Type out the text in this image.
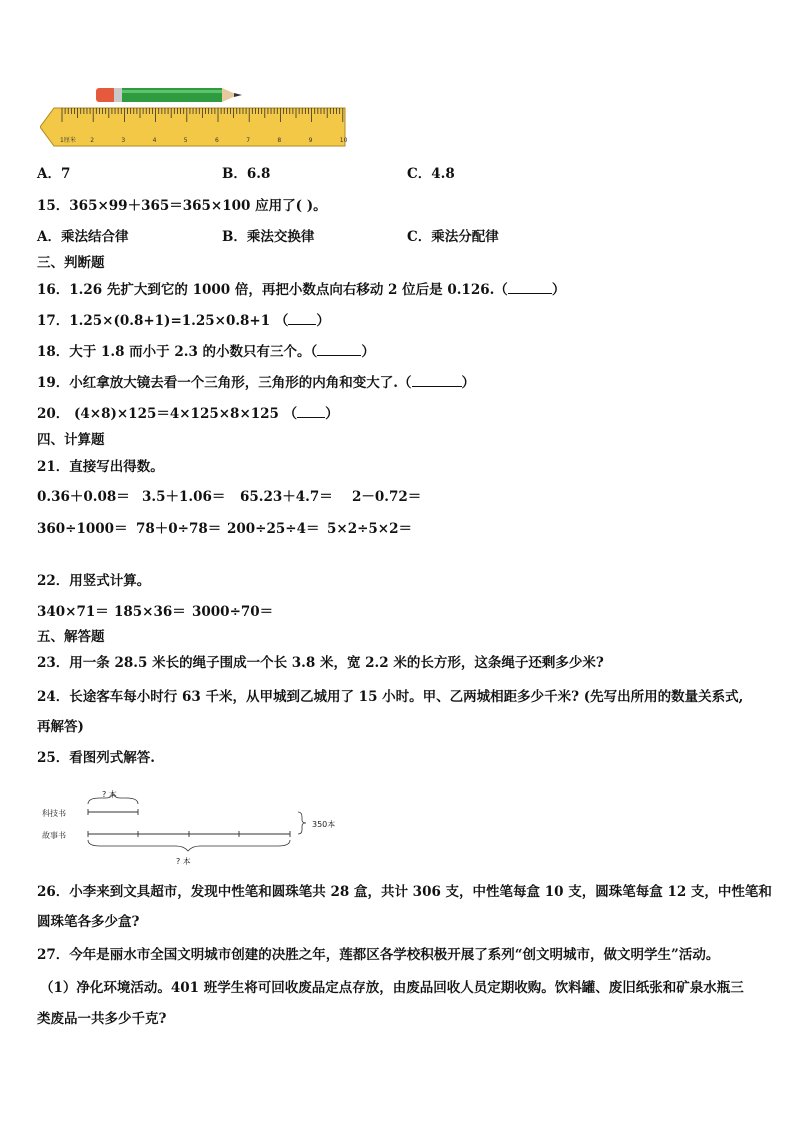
1厘米 2	3	4	5	6	7	8	9	10
A．7	B．6.8	C．4.8
15．365×99＋365＝365×100 应用了( )。
A．乘法结合律	B．乘法交换律	C．乘法分配律
三、判断题
16．1.26 先扩大到它的 1000 倍，再把小数点向右移动 2 位后是 0.126.（	）
17．1.25×(0.8+1)=1.25×0.8+1 （ ）
18．大于 1.8 而小于 2.3 的小数只有三个。（	）
19．小红拿放大镜去看一个三角形，三角形的内角和变大了.（	）
20． (4×8)×125＝4×125×8×125 （ ）
四、计算题
21．直接写出得数。
0.36＋0.08＝ 3.5＋1.06＝ 65.23＋4.7＝ 2－0.72＝
360÷1000＝ 78＋0÷78＝ 200÷25÷4＝ 5×2÷5×2＝
22．用竖式计算。
340×71＝ 185×36＝ 3000÷70＝
五、解答题
23．用一条 28.5 米长的绳子围成一个长 3.8 米，宽 2.2 米的长方形，这条绳子还剩多少米?
24．长途客车每小时行 63 千米，从甲城到乙城用了 15 小时。甲、乙两城相距多少千米? (先写出所用的数量关系式,
再解答)
25．看图列式解答.
? 本
科技书
故事书
350本
? 本
26．小李来到文具超市，发现中性笔和圆珠笔共 28 盒，共计 306 支，中性笔每盒 10 支，圆珠笔每盒 12 支，中性笔和
圆珠笔各多少盒?
27．今年是丽水市全国文明城市创建的决胜之年，莲都区各学校积极开展了系列“创文明城市，做文明学生”活动。
（1）净化环境活动。401 班学生将可回收废品定点存放，由废品回收人员定期收购。饮料罐、废旧纸张和矿泉水瓶三
类废品一共多少千克?
